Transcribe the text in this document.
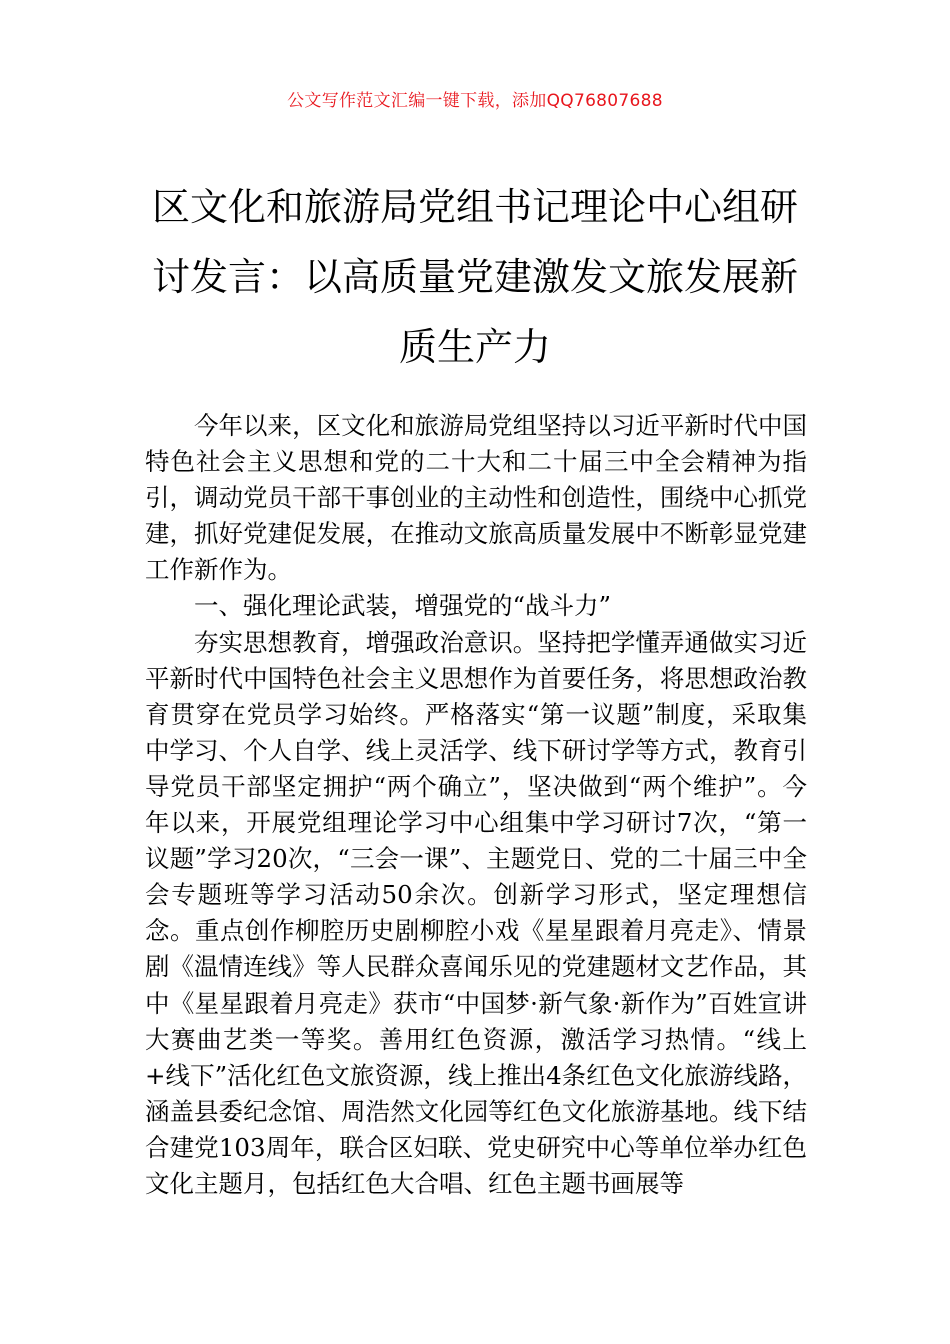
公文写作范文汇编一键下载，添加QQ76807688
区文化和旅游局党组书记理论中心组研讨发言：以高质量党建激发文旅发展新质生产力

今年以来，区文化和旅游局党组坚持以习近平新时代中国特色社会主义思想和党的二十大和二十届三中全会精神为指引，调动党员干部干事创业的主动性和创造性，围绕中心抓党建，抓好党建促发展，在推动文旅高质量发展中不断彰显党建工作新作为。

一、强化理论武装，增强党的“战斗力”

夯实思想教育，增强政治意识。坚持把学懂弄通做实习近平新时代中国特色社会主义思想作为首要任务，将思想政治教育贯穿在党员学习始终。严格落实“第一议题”制度，采取集中学习、个人自学、线上灵活学、线下研讨学等方式，教育引导党员干部坚定拥护“两个确立”，坚决做到“两个维护”。今年以来，开展党组理论学习中心组集中学习研讨7次，“第一议题”学习20次，“三会一课”、主题党日、党的二十届三中全会专题班等学习活动50余次。创新学习形式，坚定理想信念。重点创作柳腔历史剧柳腔小戏《星星跟着月亮走》、情景剧《温情连线》等人民群众喜闻乐见的党建题材文艺作品，其中《星星跟着月亮走》获市“中国梦·新气象·新作为”百姓宣讲大赛曲艺类一等奖。善用红色资源，激活学习热情。“线上+线下”活化红色文旅资源，线上推出4条红色文化旅游线路，涵盖县委纪念馆、周浩然文化园等红色文化旅游基地。线下结合建党103周年，联合区妇联、党史研究中心等单位举办红色文化主题月，包括红色大合唱、红色主题书画展等
